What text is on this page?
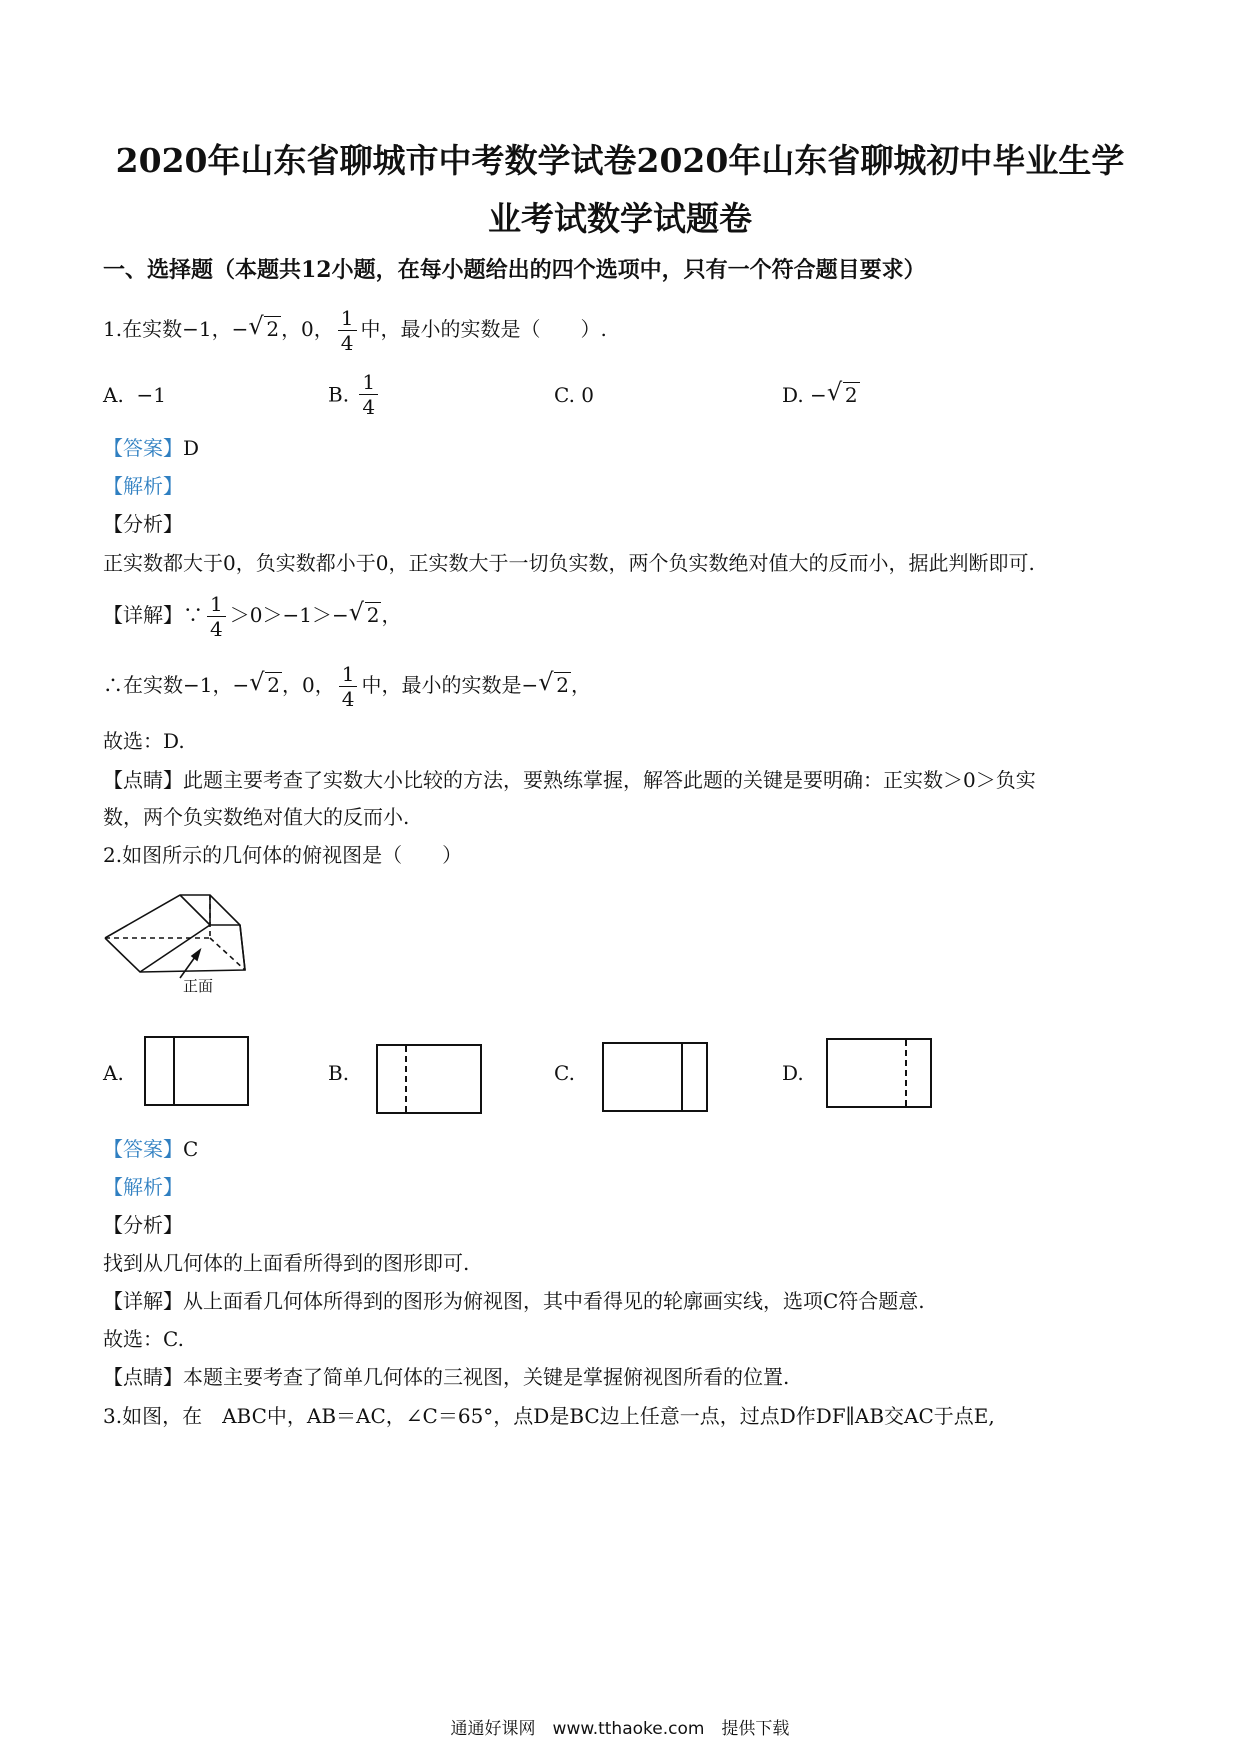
2020年山东省聊城市中考数学试卷2020年山东省聊城初中毕业生学
业考试数学试题卷
一、选择题（本题共12小题，在每小题给出的四个选项中，只有一个符合题目要求）
1.在实数−1，−√ 2 ，0， $\frac{1}{4}$ 中，最小的实数是（　　）.
A. −1	B. $\frac{1}{4}$	C. 0	D. −√ 2
【答案】D
【解析】
【分析】
正实数都大于0，负实数都小于0，正实数大于一切负实数，两个负实数绝对值大的反而小，据此判断即可.
【详解】∵ $\frac{1}{4} >0>-1>-√$ 2 ，
∴在实数−1，−√ 2 ，0， $\frac{1}{4}$ 中，最小的实数是−√ 2 ，
故选：D.
【点睛】此题主要考查了实数大小比较的方法，要熟练掌握，解答此题的关键是要明确：正实数＞0＞负实
数，两个负实数绝对值大的反而小.
2.如图所示的几何体的俯视图是（　　）
正面
A.	B.	C.	D.
【答案】C
【解析】
【分析】
找到从几何体的上面看所得到的图形即可.
【详解】从上面看几何体所得到的图形为俯视图，其中看得见的轮廓画实线，选项C符合题意.
故选：C.
【点睛】本题主要考查了简单几何体的三视图，关键是掌握俯视图所看的位置.
3.如图，在　ABC中，AB＝AC，∠C＝65°，点D是BC边上任意一点，过点D作DF∥AB交AC于点E,
通通好课网　www.tthaoke.com　提供下载
